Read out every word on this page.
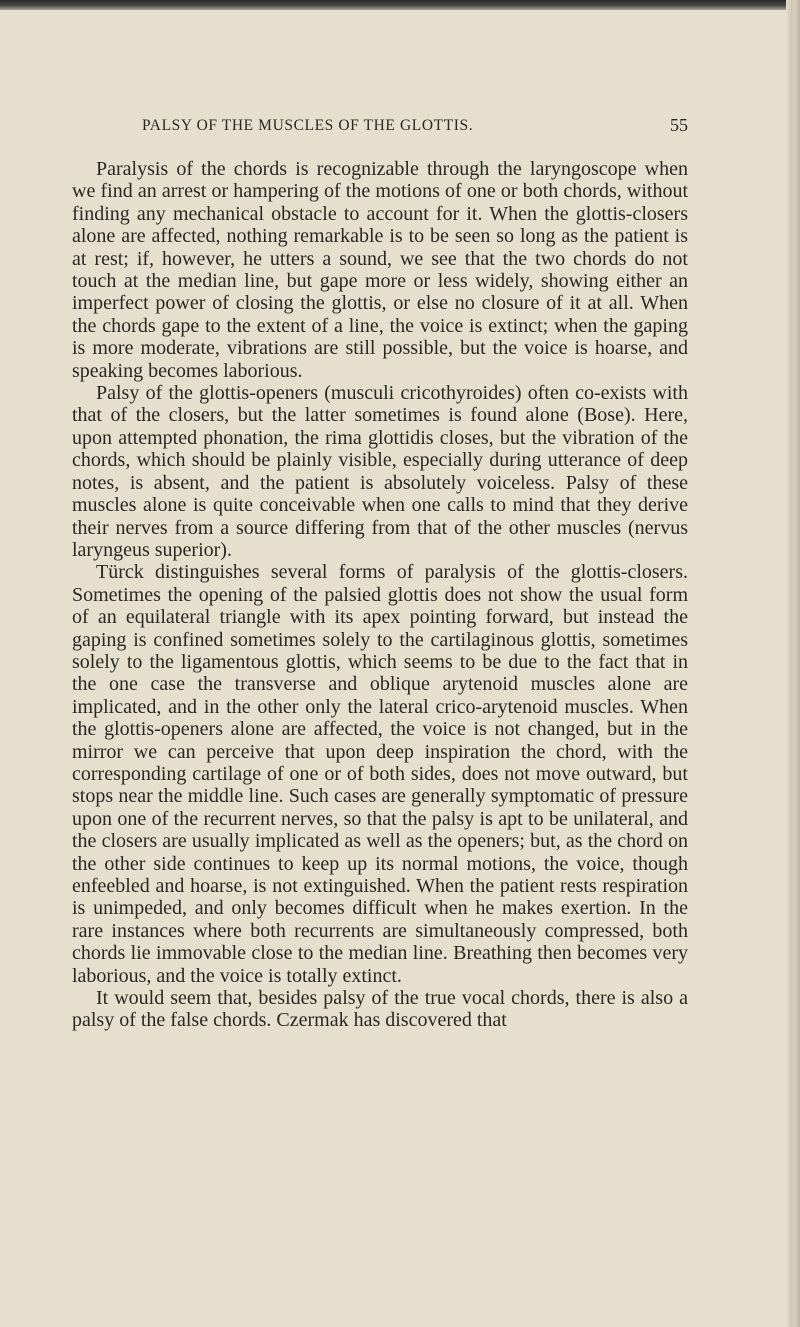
PALSY OF THE MUSCLES OF THE GLOTTIS.	55

Paralysis of the chords is recognizable through the laryngoscope when we find an arrest or hampering of the motions of one or both chords, without finding any mechanical obstacle to account for it. When the glottis-closers alone are affected, nothing remarkable is to be seen so long as the patient is at rest; if, however, he utters a sound, we see that the two chords do not touch at the median line, but gape more or less widely, showing either an imperfect power of closing the glottis, or else no closure of it at all. When the chords gape to the extent of a line, the voice is extinct; when the gaping is more moderate, vibrations are still possible, but the voice is hoarse, and speaking becomes laborious.

Palsy of the glottis-openers (musculi cricothyroides) often co-exists with that of the closers, but the latter sometimes is found alone (Bose). Here, upon attempted phonation, the rima glottidis closes, but the vibration of the chords, which should be plainly visible, especially during utterance of deep notes, is absent, and the patient is absolutely voiceless. Palsy of these muscles alone is quite conceivable when one calls to mind that they derive their nerves from a source differing from that of the other muscles (nervus laryngeus superior).

Türck distinguishes several forms of paralysis of the glottis-closers. Sometimes the opening of the palsied glottis does not show the usual form of an equilateral triangle with its apex pointing forward, but instead the gaping is confined sometimes solely to the cartilaginous glottis, sometimes solely to the ligamentous glottis, which seems to be due to the fact that in the one case the transverse and oblique arytenoid muscles alone are implicated, and in the other only the lateral crico-arytenoid muscles. When the glottis-openers alone are affected, the voice is not changed, but in the mirror we can perceive that upon deep inspiration the chord, with the corresponding cartilage of one or of both sides, does not move outward, but stops near the middle line. Such cases are generally symptomatic of pressure upon one of the recurrent nerves, so that the palsy is apt to be unilateral, and the closers are usually implicated as well as the openers; but, as the chord on the other side continues to keep up its normal motions, the voice, though enfeebled and hoarse, is not extinguished. When the patient rests respiration is unimpeded, and only becomes difficult when he makes exertion. In the rare instances where both recurrents are simultaneously compressed, both chords lie immovable close to the median line. Breathing then becomes very laborious, and the voice is totally extinct.

It would seem that, besides palsy of the true vocal chords, there is also a palsy of the false chords. Czermak has discovered that
